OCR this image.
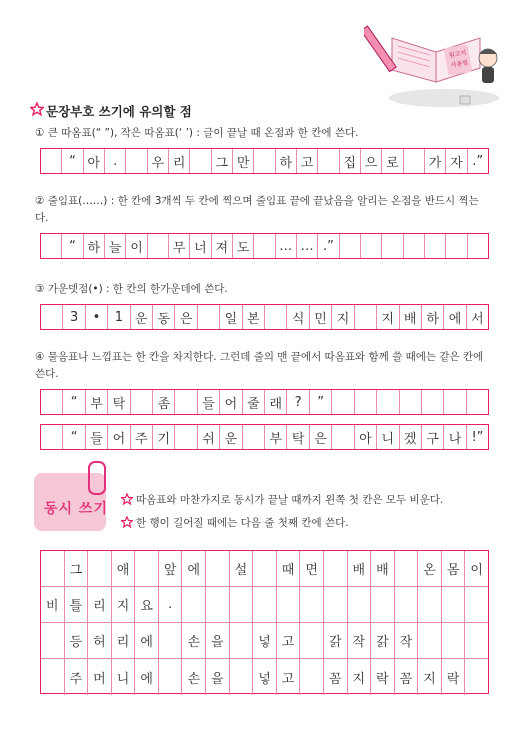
원고지
사용법
문장부호 쓰기에 유의할 점
① 큰 따옴표(“ ”), 작은 따옴표(‘ ’) : 글이 끝날 때 온점과 한 칸에 쓴다.
“ 아 .	우 리	그 만	하 고	집 으 로	가 자 .”
② 줄임표(……) : 한 칸에 3개씩 두 칸에 찍으며 줄임표 끝에 끝났음을 알리는 온점을 반드시 찍는다.
“ 하 늘 이	무 너 져 도	… … .”
③ 가운뎃점(•) : 한 칸의 한가운데에 쓴다.
3	•	1 운 동 은	일 본	식 민 지	지 배 하 에 서
④ 물음표나 느낌표는 한 칸을 차지한다. 그런데 줄의 맨 끝에서 따옴표와 함께 쓸 때에는 같은 칸에 쓴다.
“ 부 탁	좀	들 어 줄 래 ?	”
“ 들 어 주 기	쉬 운	부 탁 은	아 니 겠 구 나 !”
동시 쓰기
따옴표와 마찬가지로 동시가 끝날 때까지 왼쪽 첫 칸은 모두 비운다.
한 행이 길어질 때에는 다음 줄 첫째 칸에 쓴다.
그	애	앞 에	설	때 면	배 배	온 몸 이
비 틀 리 지 요	.
등 허 리 에	손 을	넣 고	갉 작 갉 작
주 머 니 에	손 을	넣 고	꼼 지 락 꼼 지 락
